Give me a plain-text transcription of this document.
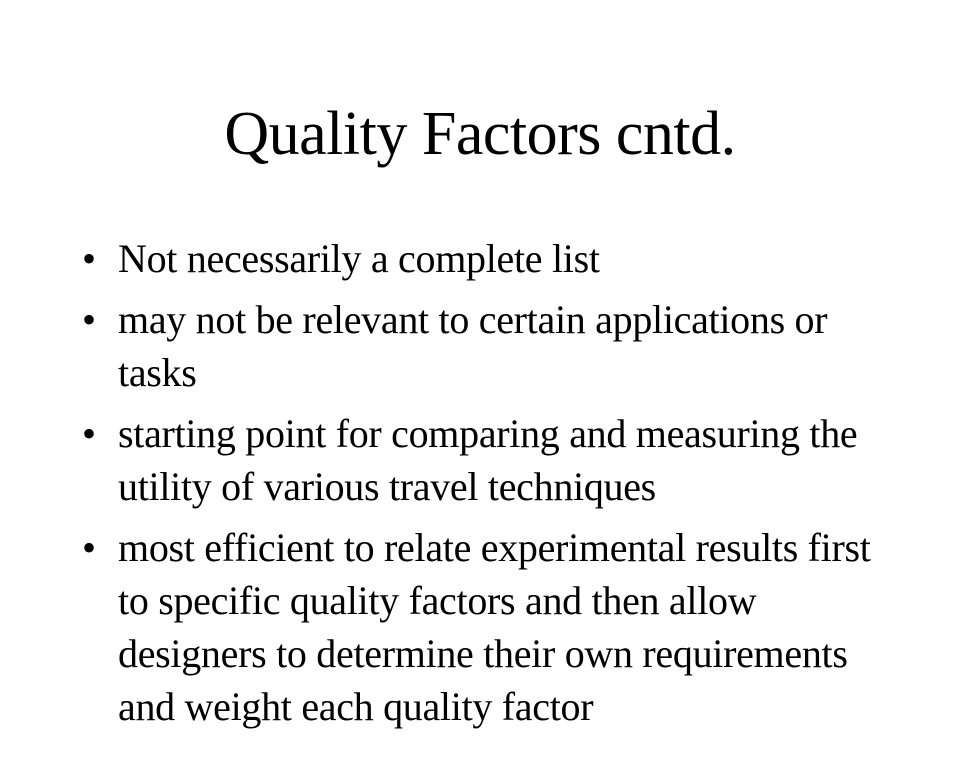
Quality Factors cntd.
• Not necessarily a complete list
• may not be relevant to certain applications or tasks
• starting point for comparing and measuring the utility of various travel techniques
• most efficient to relate experimental results first to specific quality factors and then allow designers to determine their own requirements and weight each quality factor
